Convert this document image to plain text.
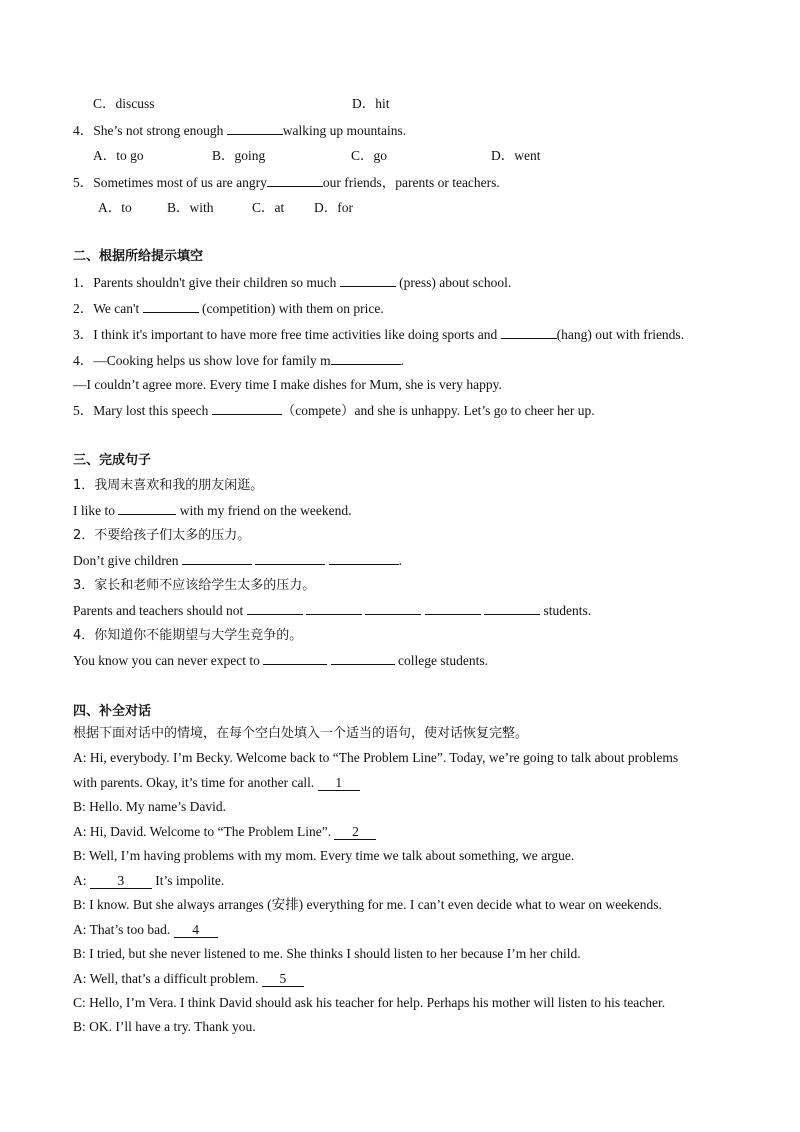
C．discuss	D．hit
4．She’s not strong enough	walking up mountains.
A．to go	B．going	C．go	D．went
5．Sometimes most of us are angry	our friends，parents or teachers.
A．to	B．with	C．at D．for
二、根据所给提示填空
1．Parents shouldn't give their children so much	(press) about school.
2．We can't	(competition) with them on price.
3．I think it's important to have more free time activities like doing sports and	(hang) out with friends.
4．—Cooking helps us show love for family m	.
—I couldn’t agree more. Every time I make dishes for Mum, she is very happy.
5．Mary lost this speech	（compete）and she is unhappy. Let’s go to cheer her up.
三、完成句子
1．我周末喜欢和我的朋友闲逛。
I like to	with my friend on the weekend.
2．不要给孩子们太多的压力。
Don’t give children	.
3．家长和老师不应该给学生太多的压力。
Parents and teachers should not	students.
4．你知道你不能期望与大学生竞争的。
You know you can never expect to	college students.
四、补全对话
根据下面对话中的情境，在每个空白处填入一个适当的语句，使对话恢复完整。
A: Hi, everybody. I’m Becky. Welcome back to “The Problem Line”. Today, we’re going to talk about problems
with parents. Okay, it’s time for another call. 1
B: Hello. My name’s David.
A: Hi, David. Welcome to “The Problem Line”. 2
B: Well, I’m having problems with my mom. Every time we talk about something, we argue.
A: 3 It’s impolite.
B: I know. But she always arranges (安排) everything for me. I can’t even decide what to wear on weekends.
A: That’s too bad. 4
B: I tried, but she never listened to me. She thinks I should listen to her because I’m her child.
A: Well, that’s a difficult problem. 5
C: Hello, I’m Vera. I think David should ask his teacher for help. Perhaps his mother will listen to his teacher.
B: OK. I’ll have a try. Thank you.
